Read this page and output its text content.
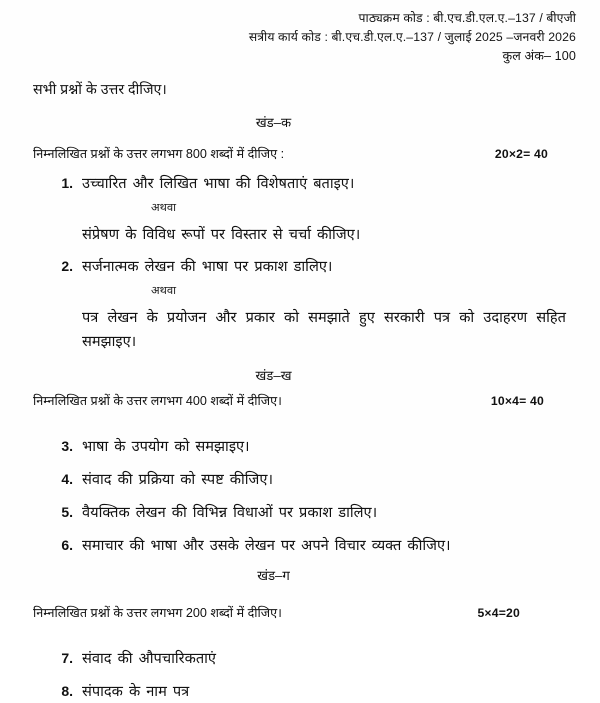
पाठ्यक्रम कोड : बी.एच.डी.एल.ए.–137 / बीएजी
सत्रीय कार्य कोड : बी.एच.डी.एल.ए.–137 / जुलाई 2025 –जनवरी 2026
कुल अंक– 100
सभी प्रश्नों के उत्तर दीजिए।
खंड–क
निम्नलिखित प्रश्नों के उत्तर लगभग 800 शब्दों में दीजिए :	20×2= 40
1. उच्चारित और लिखित भाषा की विशेषताएं बताइए।
अथवा
संप्रेषण के विविध रूपों पर विस्तार से चर्चा कीजिए।
2. सर्जनात्मक लेखन की भाषा पर प्रकाश डालिए।
अथवा
पत्र लेखन के प्रयोजन और प्रकार को समझाते हुए सरकारी पत्र को उदाहरण सहित समझाइए।
खंड–ख
निम्नलिखित प्रश्नों के उत्तर लगभग 400 शब्दों में दीजिए।	10×4= 40
3. भाषा के उपयोग को समझाइए।
4. संवाद की प्रक्रिया को स्पष्ट कीजिए।
5. वैयक्तिक लेखन की विभिन्न विधाओं पर प्रकाश डालिए।
6. समाचार की भाषा और उसके लेखन पर अपने विचार व्यक्त कीजिए।
खंड–ग
निम्नलिखित प्रश्नों के उत्तर लगभग 200 शब्दों में दीजिए।	5×4=20
7. संवाद की औपचारिकताएं
8. संपादक के नाम पत्र
